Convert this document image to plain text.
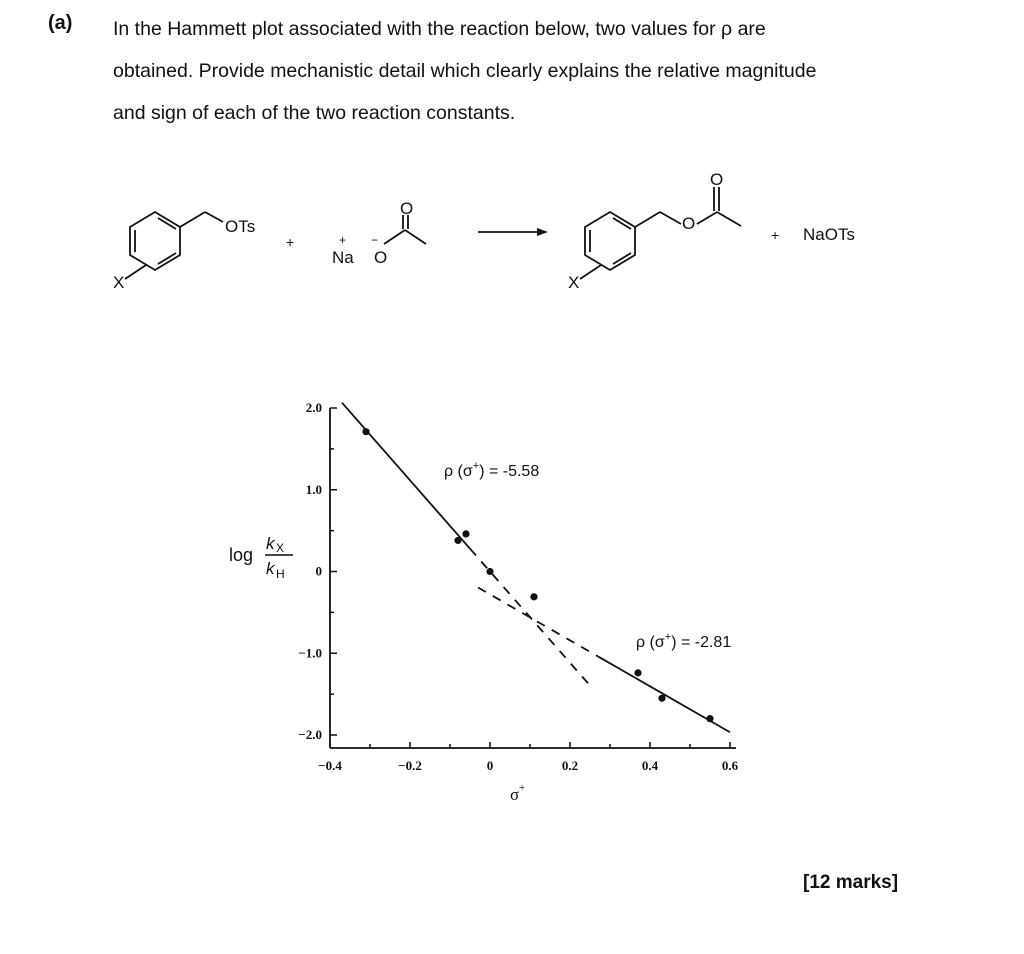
(a) In the Hammett plot associated with the reaction below, two values for ρ are
obtained. Provide mechanistic detail which clearly explains the relative magnitude
and sign of each of the two reaction constants.
OTs
X
+
Na
+ −
O
O
X
O
O
+ NaOTs
2.0
1.0
0
−1.0
−2.0
−0.4	−0.2	0	0.2	0.4	0.6
log
k X
k H
σ +
ρ (σ+) = -5.58
ρ (σ+) = -2.81
[12 marks]
